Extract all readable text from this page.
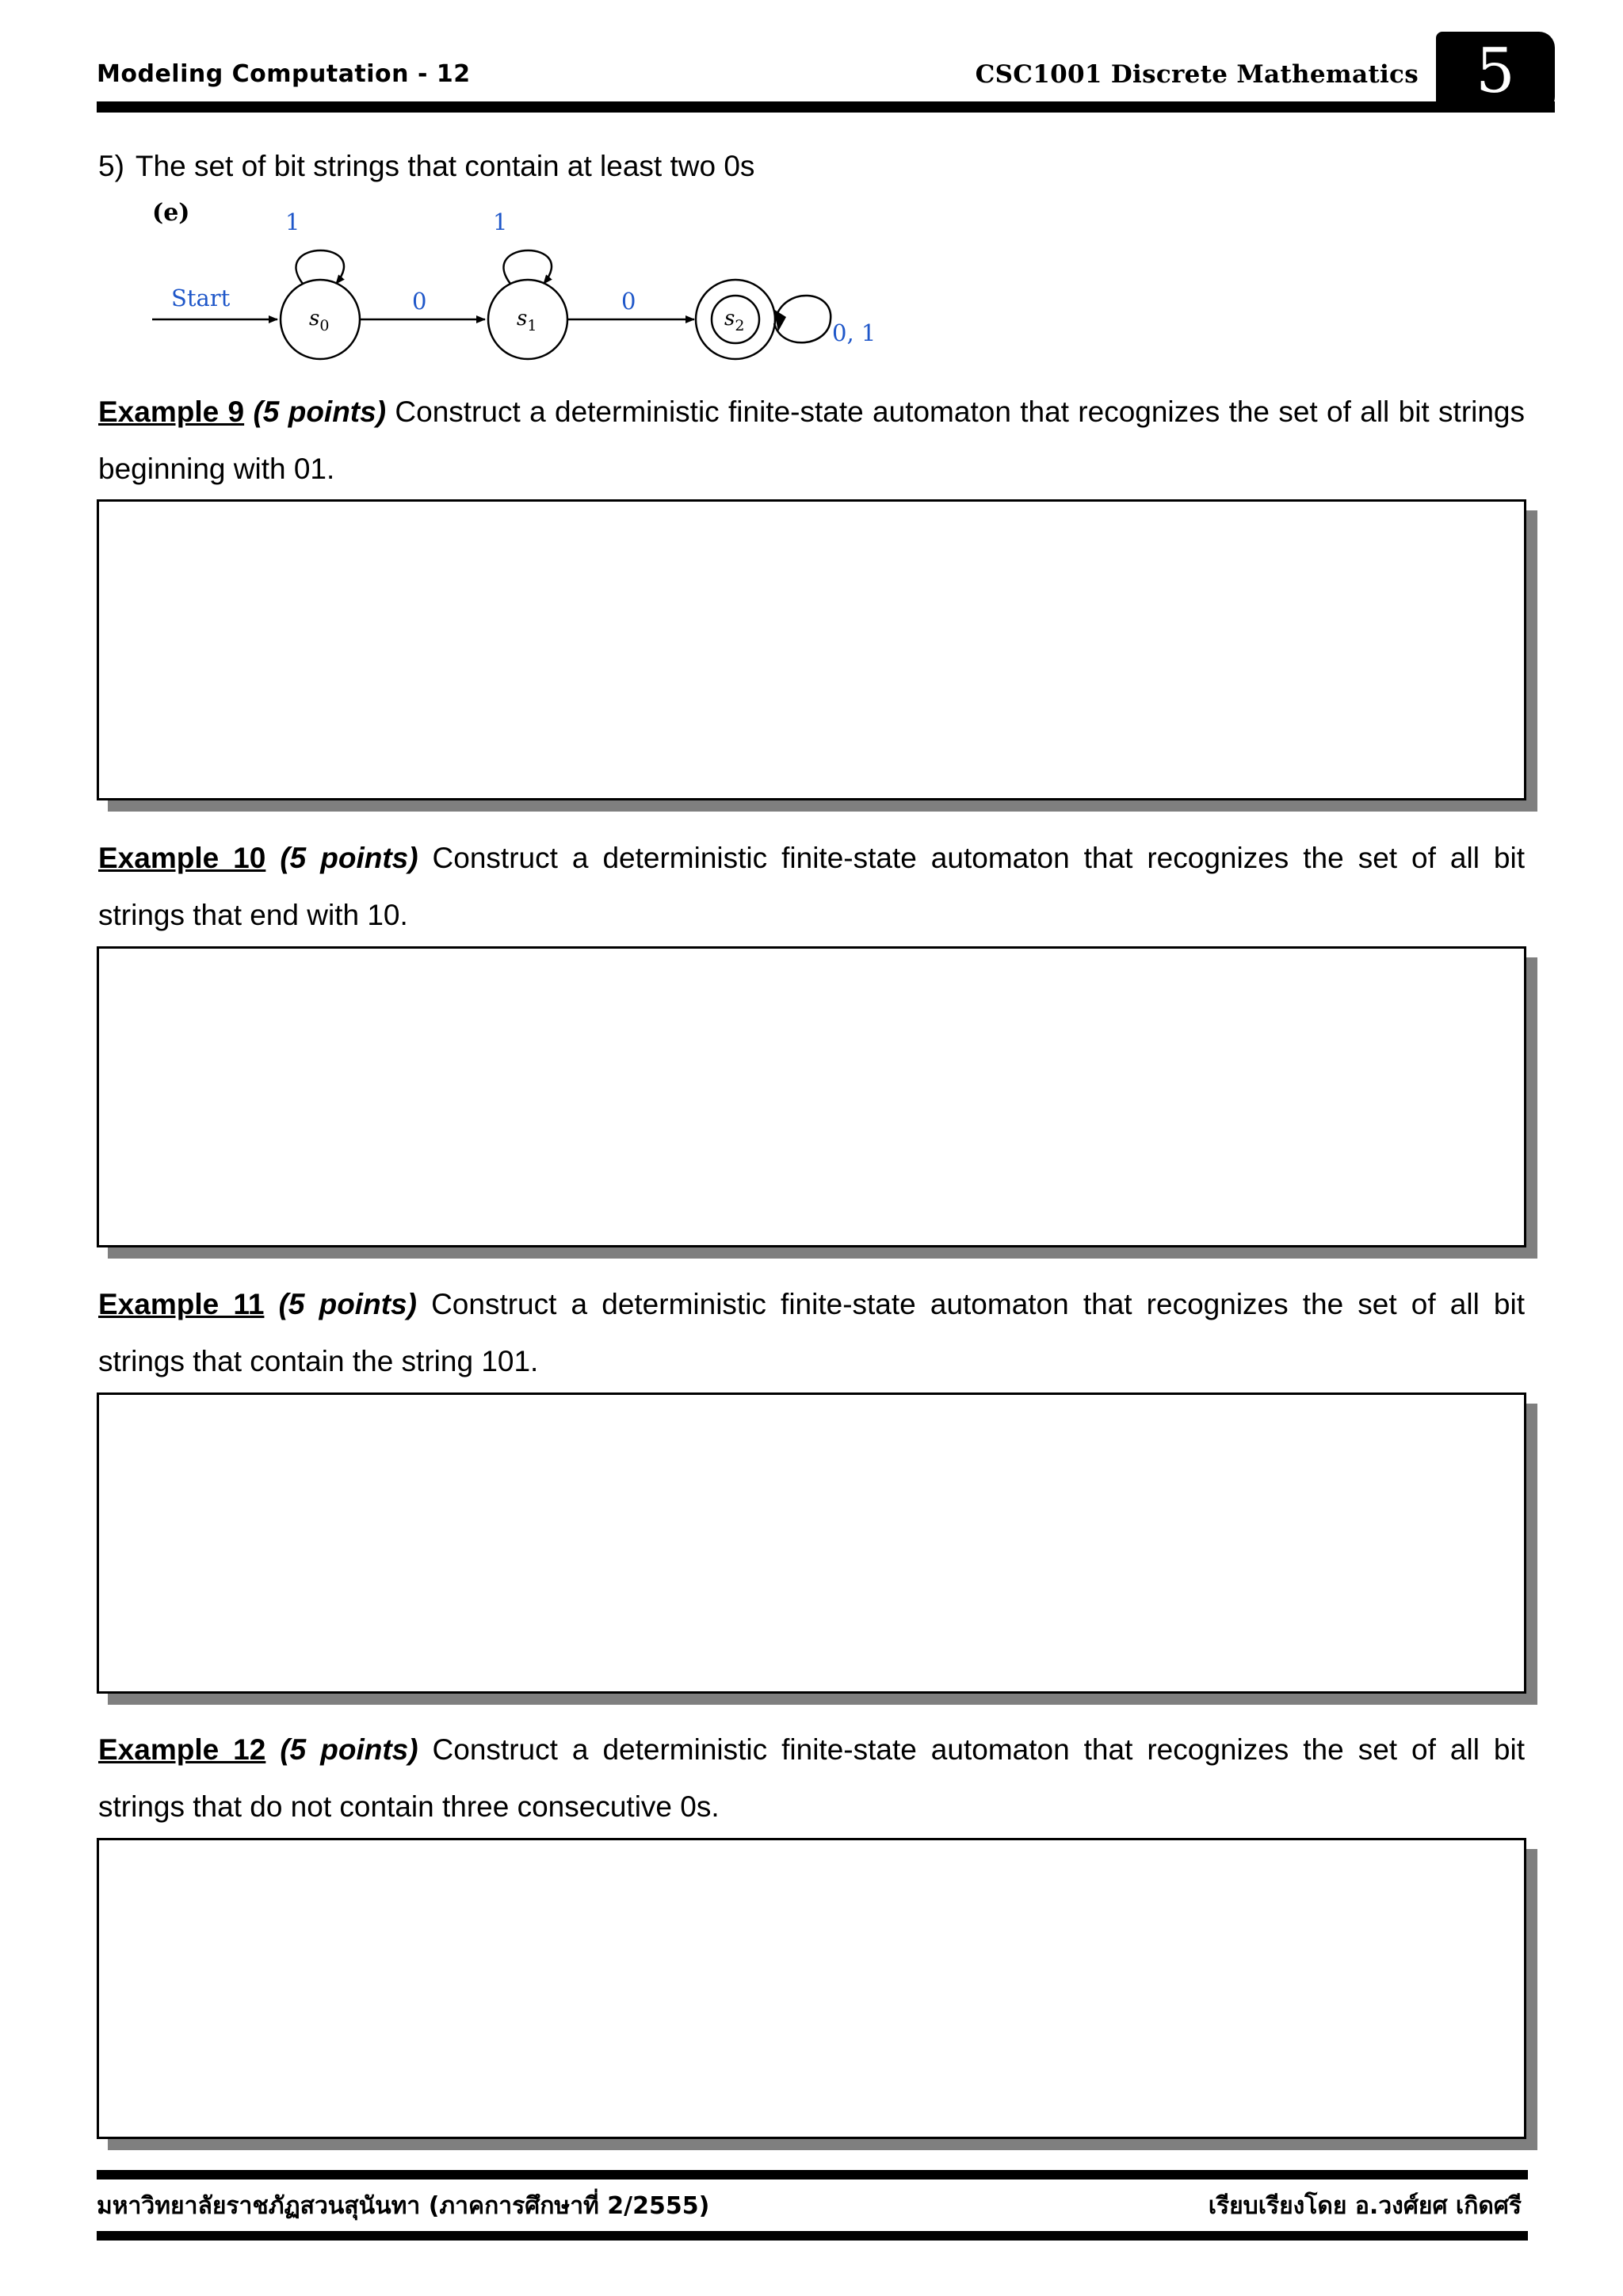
Modeling Computation - 12	CSC1001 Discrete Mathematics 5
5) The set of bit strings that contain at least two 0s
(e)
Start
1
$s_0$
0
1
$s_1$
0
0, 1
$s_2$
Example 9 (5 points) Construct a deterministic finite-state automaton that recognizes the set of all bit strings beginning with 01.
Example 10 (5 points) Construct a deterministic finite-state automaton that recognizes the set of all bit strings that end with 10.
Example 11 (5 points) Construct a deterministic finite-state automaton that recognizes the set of all bit strings that contain the string 101.
Example 12 (5 points) Construct a deterministic finite-state automaton that recognizes the set of all bit strings that do not contain three consecutive 0s.
มหาวิทยาลัยราชภัฏสวนสุนันทา (ภาคการศึกษาที่ 2/2555)	เรียบเรียงโดย อ.วงศ์ยศ เกิดศรี
